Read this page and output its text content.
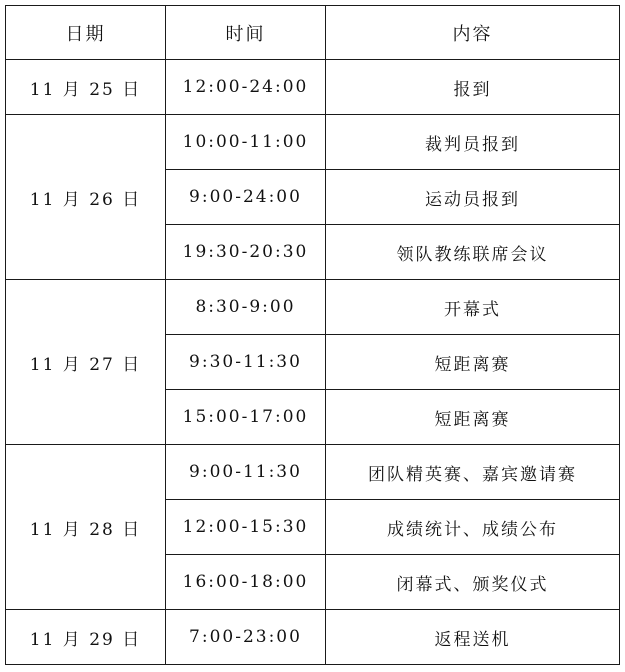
日期	时间	内容
11 月 25 日	12:00-24:00	报到
11 月 26 日	10:00-11:00	裁判员报到
	9:00-24:00	运动员报到
	19:30-20:30	领队教练联席会议
11 月 27 日	8:30-9:00	开幕式
	9:30-11:30	短距离赛
	15:00-17:00	短距离赛
11 月 28 日	9:00-11:30	团队精英赛、嘉宾邀请赛
	12:00-15:30	成绩统计、成绩公布
	16:00-18:00	闭幕式、颁奖仪式
11 月 29 日	7:00-23:00	返程送机
